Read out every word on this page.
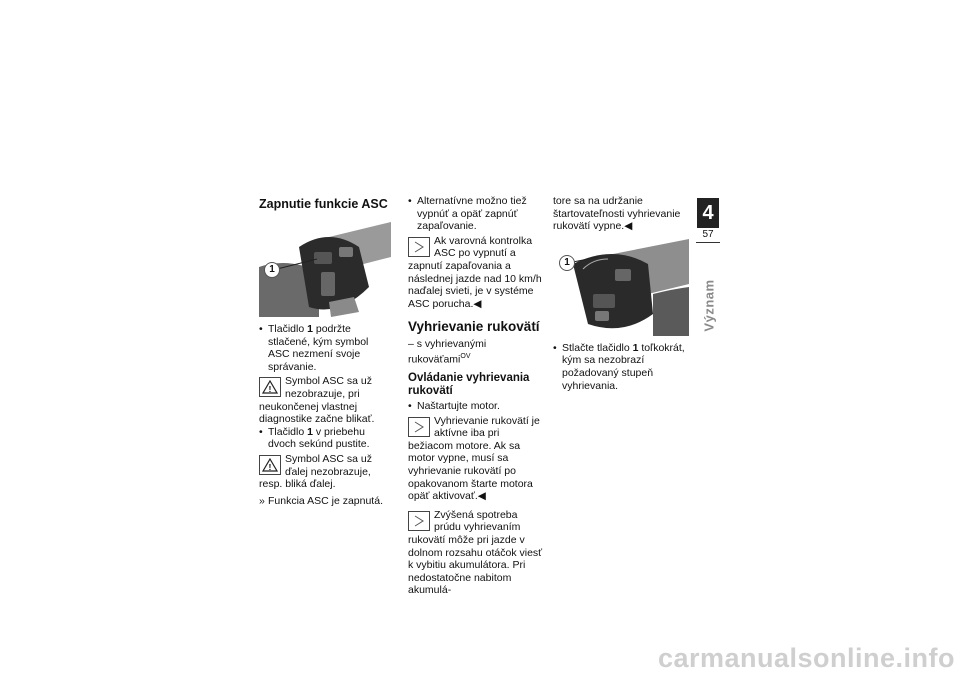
Zapnutie funkcie ASC
1

• Tlačidlo 1 podržte stlačené, kým symbol ASC nezmení svoje správanie.

!
Symbol ASC sa už nezobrazuje, pri neukončenej vlastnej diagnostike začne blikať.

• Tlačidlo 1 v priebehu dvoch sekúnd pustite.

!
Symbol ASC sa už ďalej nezobrazuje, resp. bliká ďalej.

» Funkcia ASC je zapnutá.

• Alternatívne možno tiež vypnúť a opäť zapnúť zapaľovanie.

Ak varovná kontrolka ASC po vypnutí a zapnutí zapaľovania a následnej jazde nad 10 km/h naďalej svieti, je v systéme ASC porucha.◀
Vyhrievanie rukovätí

– s vyhrievanými rukoväťami$^{OV}$

Ovládanie vyhrievania rukovätí

• Naštartujte motor.

Vyhrievanie rukovätí je aktívne iba pri bežiacom motore. Ak sa motor vypne, musí sa vyhrievanie rukovätí po opakovanom štarte motora opäť aktivovať.◀
Zvýšená spotreba prúdu vyhrievaním rukovätí môže pri jazde v dolnom rozsahu otáčok viesť k vybitiu akumulátora. Pri nedostatočne nabitom akumulá-

tore sa na udržanie štartovateľnosti vyhrievanie rukovätí vypne.◀

1

• Stlačte tlačidlo 1 toľkokrát, kým sa nezobrazí požadovaný stupeň vyhrievania.

4
57
Význam
carmanualsonline.info
